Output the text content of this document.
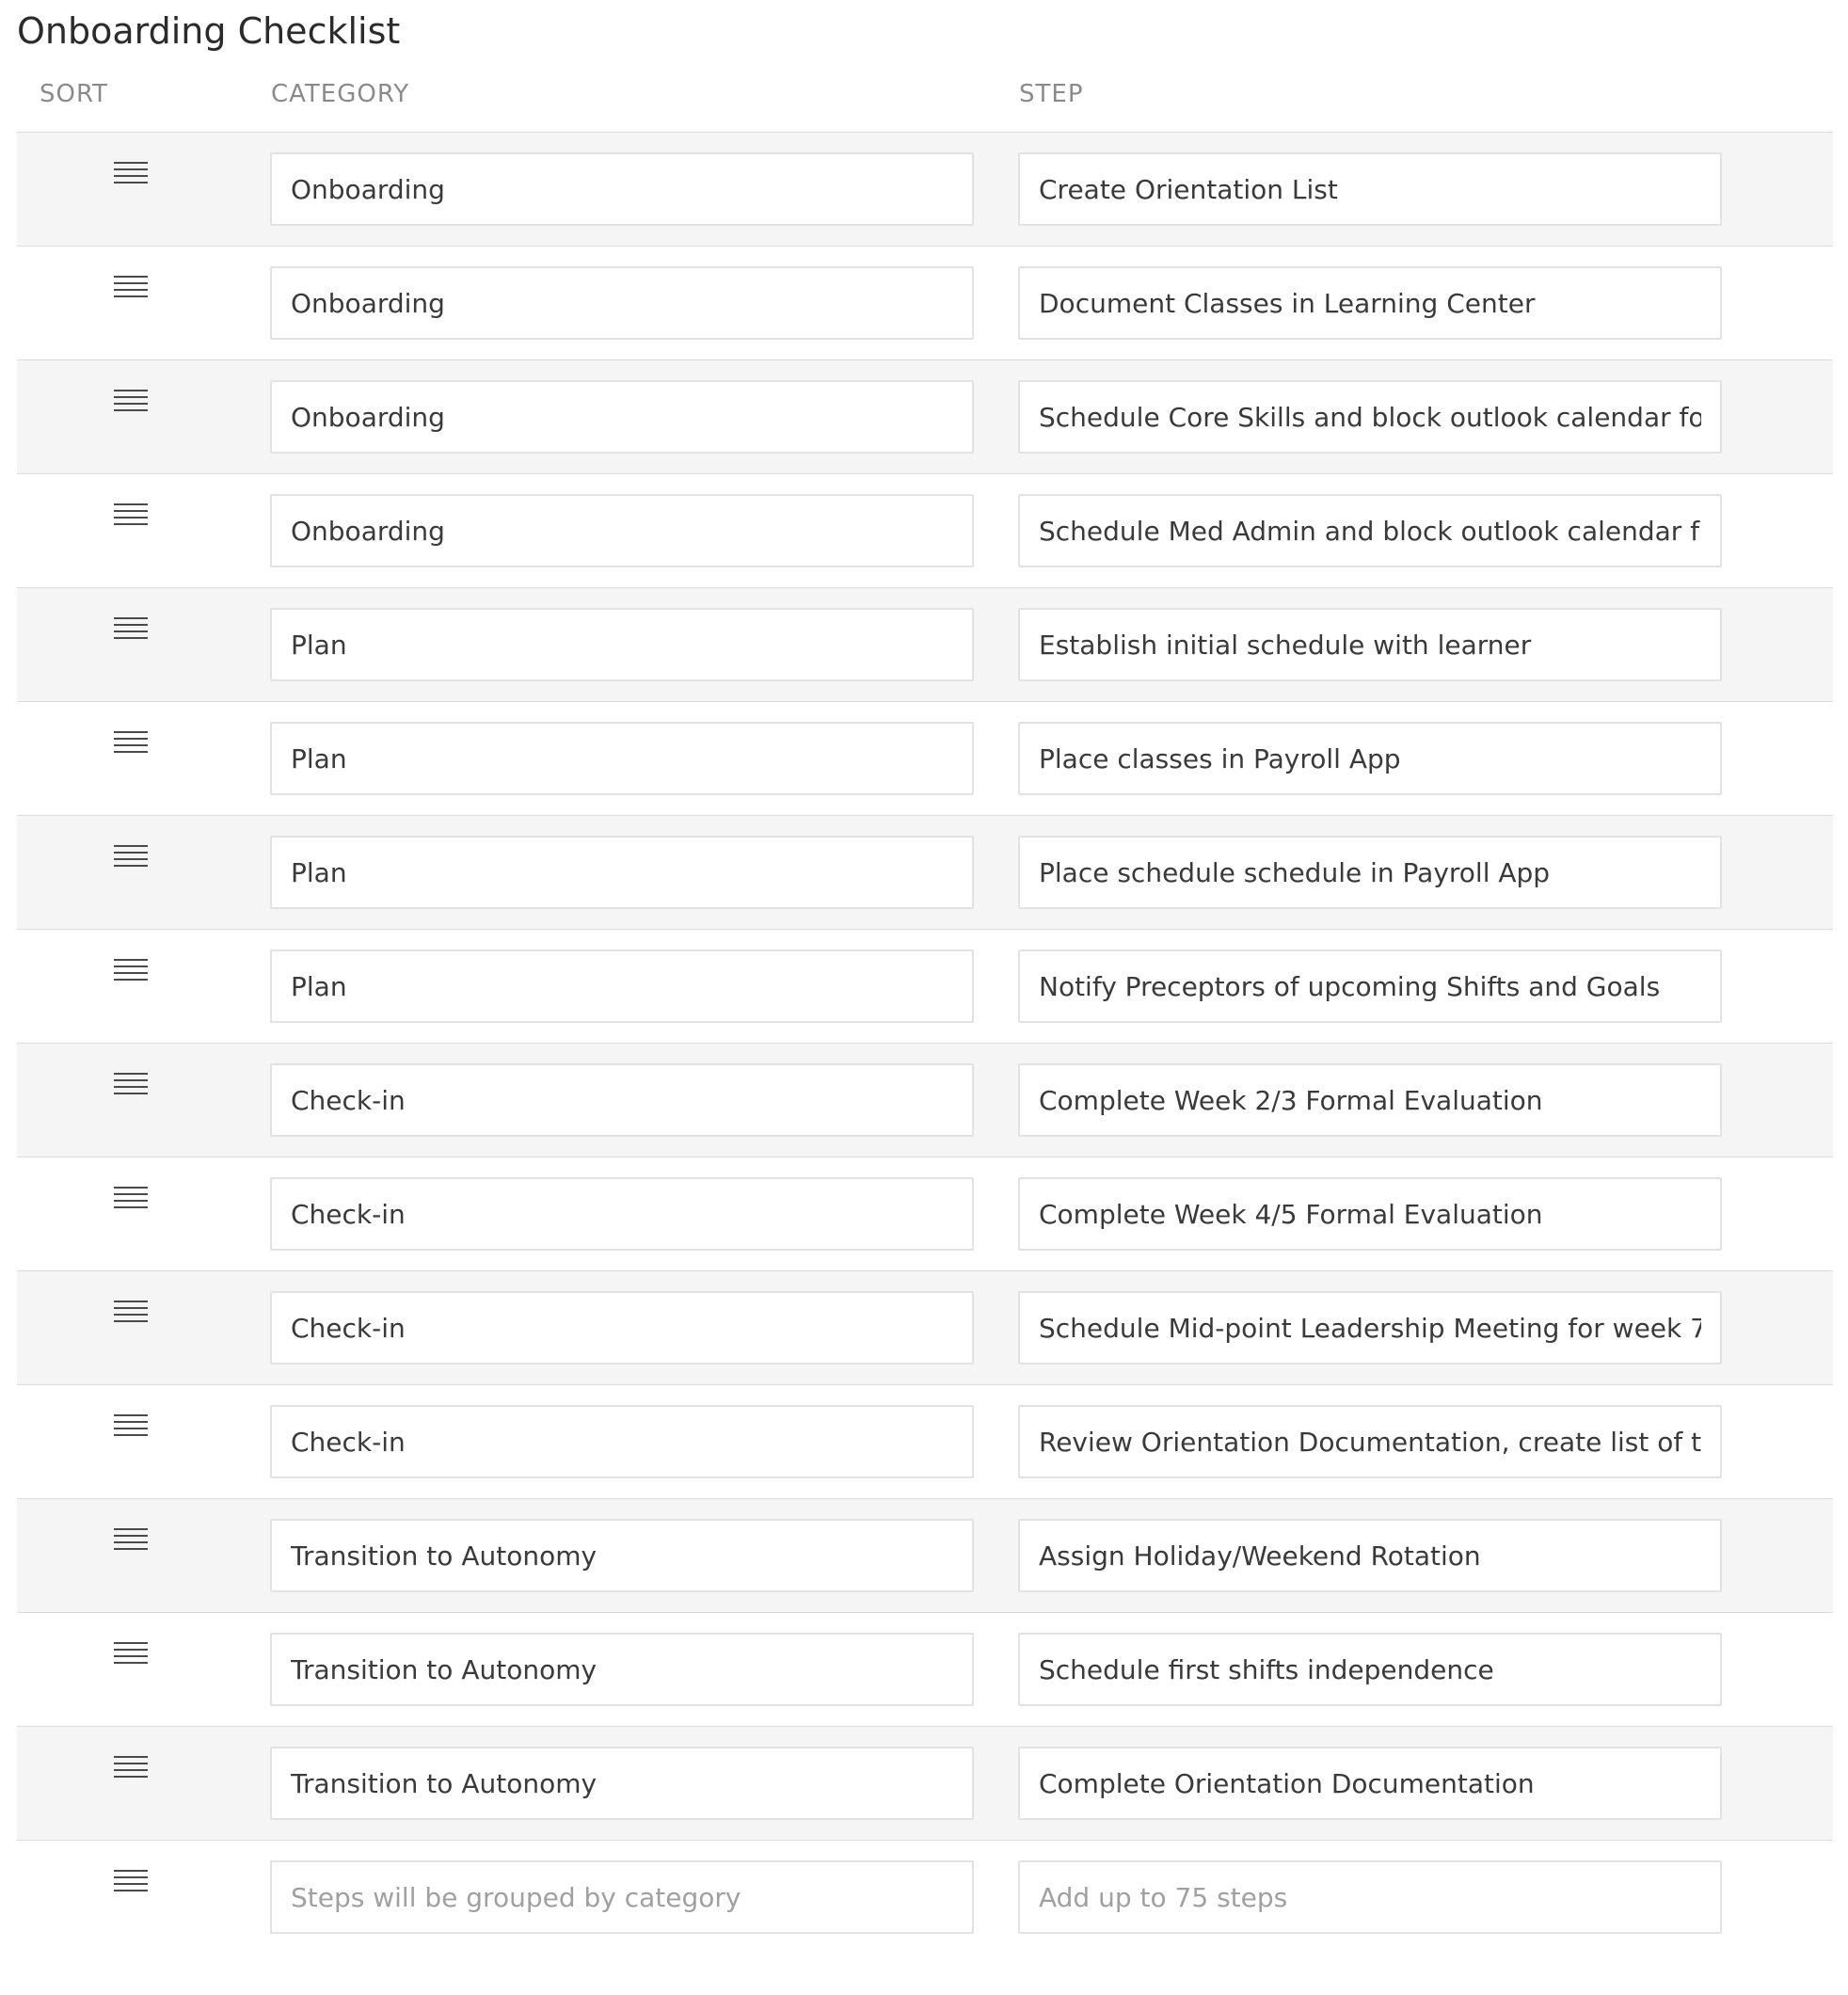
Onboarding Checklist
SORT	CATEGORY	STEP
Onboarding
Create Orientation List
Onboarding
Document Classes in Learning Center
Onboarding
Schedule Core Skills and block outlook calendar fo
Onboarding
Schedule Med Admin and block outlook calendar f
Plan
Establish initial schedule with learner
Plan
Place classes in Payroll App
Plan
Place schedule schedule in Payroll App
Plan
Notify Preceptors of upcoming Shifts and Goals
Check-in
Complete Week 2/3 Formal Evaluation
Check-in
Complete Week 4/5 Formal Evaluation
Check-in
Schedule Mid-point Leadership Meeting for week 7
Check-in
Review Orientation Documentation, create list of ta
Transition to Autonomy
Assign Holiday/Weekend Rotation
Transition to Autonomy
Schedule first shifts independence
Transition to Autonomy
Complete Orientation Documentation
Steps will be grouped by category
Add up to 75 steps
